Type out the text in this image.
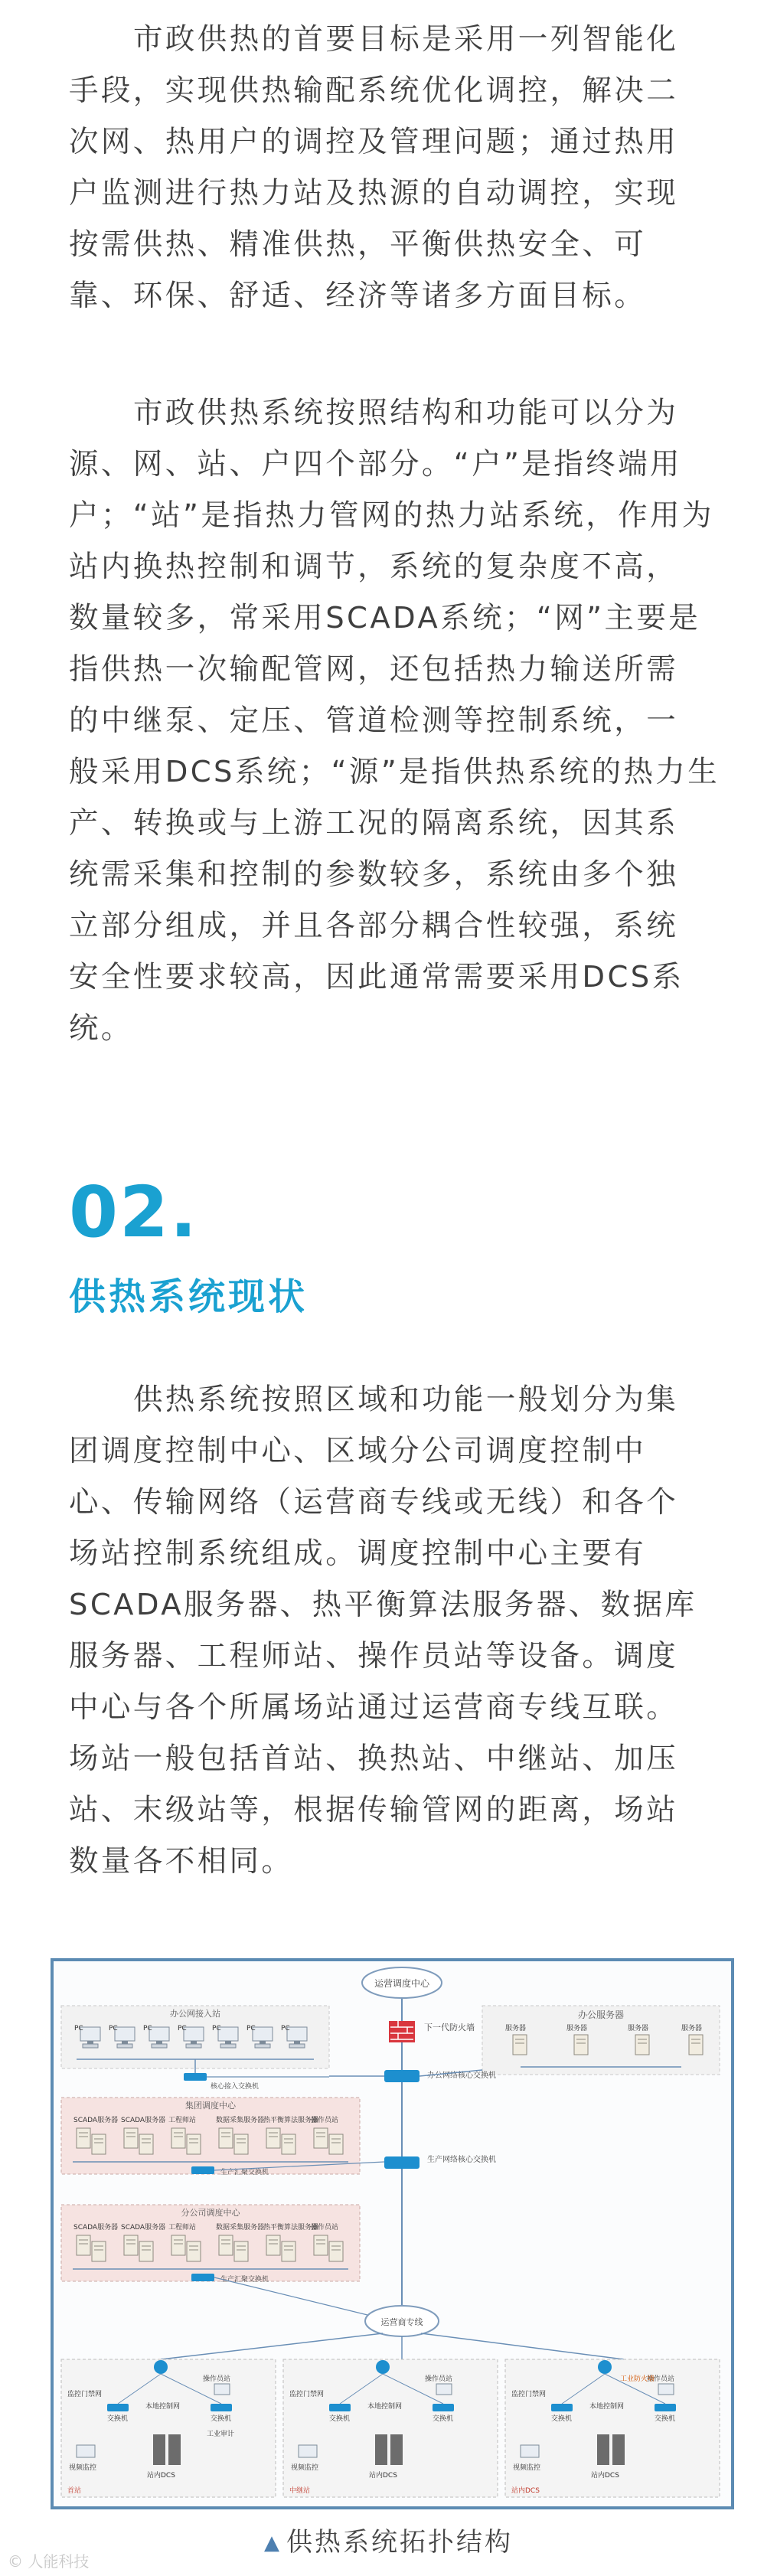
市政供热的首要目标是采用一列智能化
手段，实现供热输配系统优化调控，解决二
次网、热用户的调控及管理问题；通过热用
户监测进行热力站及热源的自动调控，实现
按需供热、精准供热，平衡供热安全、可
靠、环保、舒适、经济等诸多方面目标。
市政供热系统按照结构和功能可以分为
源、网、站、户四个部分。“户”是指终端用
户；“站”是指热力管网的热力站系统，作用为
站内换热控制和调节，系统的复杂度不高，
数量较多，常采用SCADA系统；“网”主要是
指供热一次输配管网，还包括热力输送所需
的中继泵、定压、管道检测等控制系统，一
般采用DCS系统；“源”是指供热系统的热力生
产、转换或与上游工况的隔离系统，因其系
统需采集和控制的参数较多，系统由多个独
立部分组成，并且各部分耦合性较强，系统
安全性要求较高，因此通常需要采用DCS系
统。
02.
供热系统现状
供热系统按照区域和功能一般划分为集
团调度控制中心、区域分公司调度控制中
心、传输网络（运营商专线或无线）和各个
场站控制系统组成。调度控制中心主要有
SCADA服务器、热平衡算法服务器、数据库
服务器、工程师站、操作员站等设备。调度
中心与各个所属场站通过运营商专线互联。
场站一般包括首站、换热站、中继站、加压
站、末级站等，根据传输管网的距离，场站
数量各不相同。
运营调度中心
下一代防火墙
办公网接入站
PC	PC	PC	PC	PC	PC	PC
办公服务器
服务器	服务器	服务器	服务器
办公网络核心交换机
核心接入交换机
集团调度中心
SCADA服务器 SCADA服务器 工程师站	数据采集服务器
热平衡算法服务器
操作员站
生产汇聚交换机
生产网络核心交换机
分公司调度中心
SCADA服务器 SCADA服务器 工程师站	数据采集服务器
热平衡算法服务器
操作员站
生产汇聚交换机
运营商专线
监控门禁网
交换机
本地控制网
交换机
操作员站
视频监控
站内DCS
首站
工业审计
监控门禁网
交换机
本地控制网
交换机
操作员站
视频监控
站内DCS
中继站
监控门禁网
交换机
本地控制网
交换机
操作员站
视频监控
站内DCS
站内DCS
工业防火墙
▲ 供热系统拓扑结构
© 人能科技
